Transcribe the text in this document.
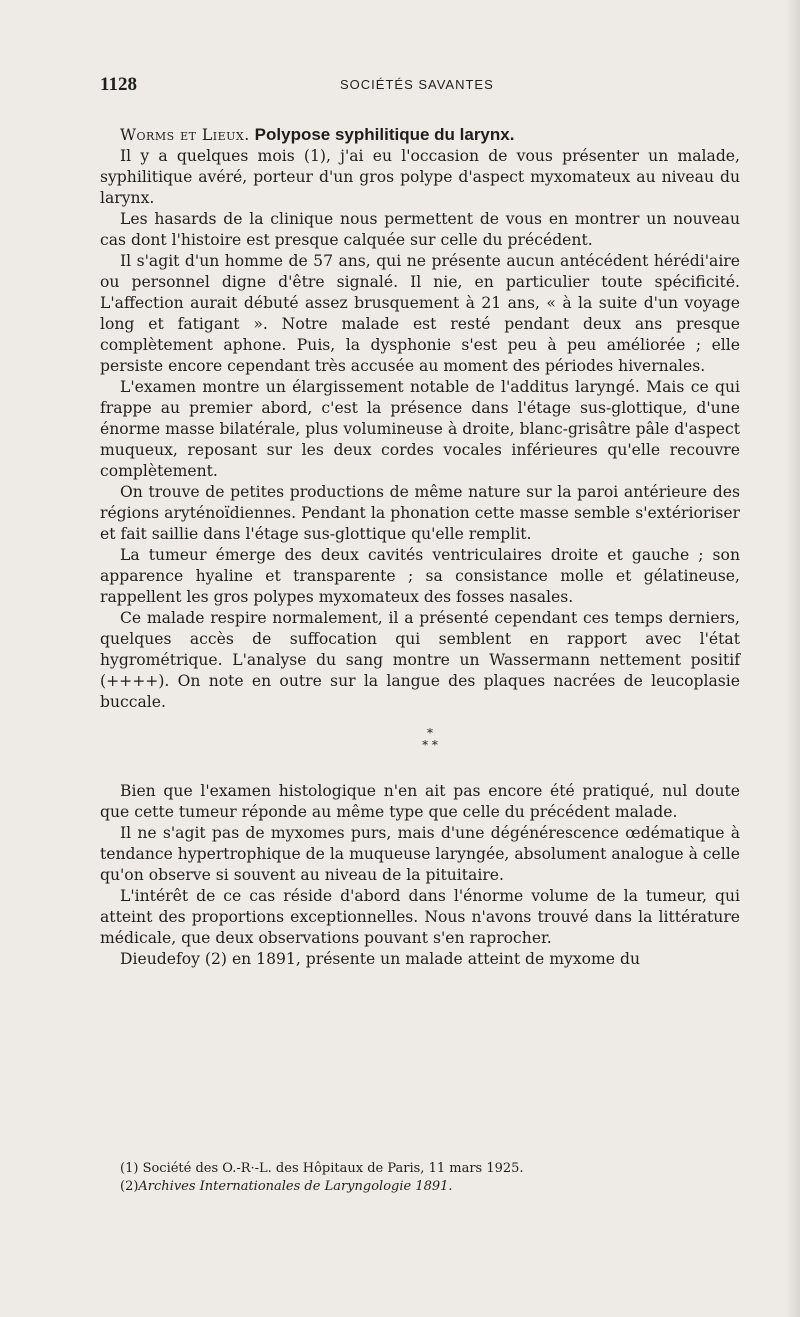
1128	SOCIÉTÉS SAVANTES

Worms et Lieux. Polypose syphilitique du larynx.

Il y a quelques mois (1), j'ai eu l'occasion de vous présenter un malade, syphilitique avéré, porteur d'un gros polype d'aspect myxomateux au niveau du larynx.

Les hasards de la clinique nous permettent de vous en montrer un nouveau cas dont l'histoire est presque calquée sur celle du précédent.

Il s'agit d'un homme de 57 ans, qui ne présente aucun antécédent hérédi'aire ou personnel digne d'être signalé. Il nie, en particulier toute spécificité. L'affection aurait débuté assez brusquement à 21 ans, « à la suite d'un voyage long et fatigant ». Notre malade est resté pendant deux ans presque complètement aphone. Puis, la dysphonie s'est peu à peu améliorée ; elle persiste encore cependant très accusée au moment des périodes hivernales.

L'examen montre un élargissement notable de l'additus laryngé. Mais ce qui frappe au premier abord, c'est la présence dans l'étage sus-glottique, d'une énorme masse bilatérale, plus volumineuse à droite, blanc-grisâtre pâle d'aspect muqueux, reposant sur les deux cordes vocales inférieures qu'elle recouvre complètement.

On trouve de petites productions de même nature sur la paroi antérieure des régions aryténoïdiennes. Pendant la phonation cette masse semble s'extérioriser et fait saillie dans l'étage sus-glottique qu'elle remplit.

La tumeur émerge des deux cavités ventriculaires droite et gauche ; son apparence hyaline et transparente ; sa consistance molle et gélatineuse, rappellent les gros polypes myxomateux des fosses nasales.

Ce malade respire normalement, il a présenté cependant ces temps derniers, quelques accès de suffocation qui semblent en rapport avec l'état hygrométrique. L'analyse du sang montre un Wassermann nettement positif (++++). On note en outre sur la langue des plaques nacrées de leucoplasie buccale.

*
* *

Bien que l'examen histologique n'en ait pas encore été pratiqué, nul doute que cette tumeur réponde au même type que celle du précédent malade.

Il ne s'agit pas de myxomes purs, mais d'une dégénérescence œdématique à tendance hypertrophique de la muqueuse laryngée, absolument analogue à celle qu'on observe si souvent au niveau de la pituitaire.

L'intérêt de ce cas réside d'abord dans l'énorme volume de la tumeur, qui atteint des proportions exceptionnelles. Nous n'avons trouvé dans la littérature médicale, que deux observations pouvant s'en raprocher.

Dieudefoy (2) en 1891, présente un malade atteint de myxome du

(1) Société des O.-R·-L. des Hôpitaux de Paris, 11 mars 1925.
(2)Archives Internationales de Laryngologie 1891.
